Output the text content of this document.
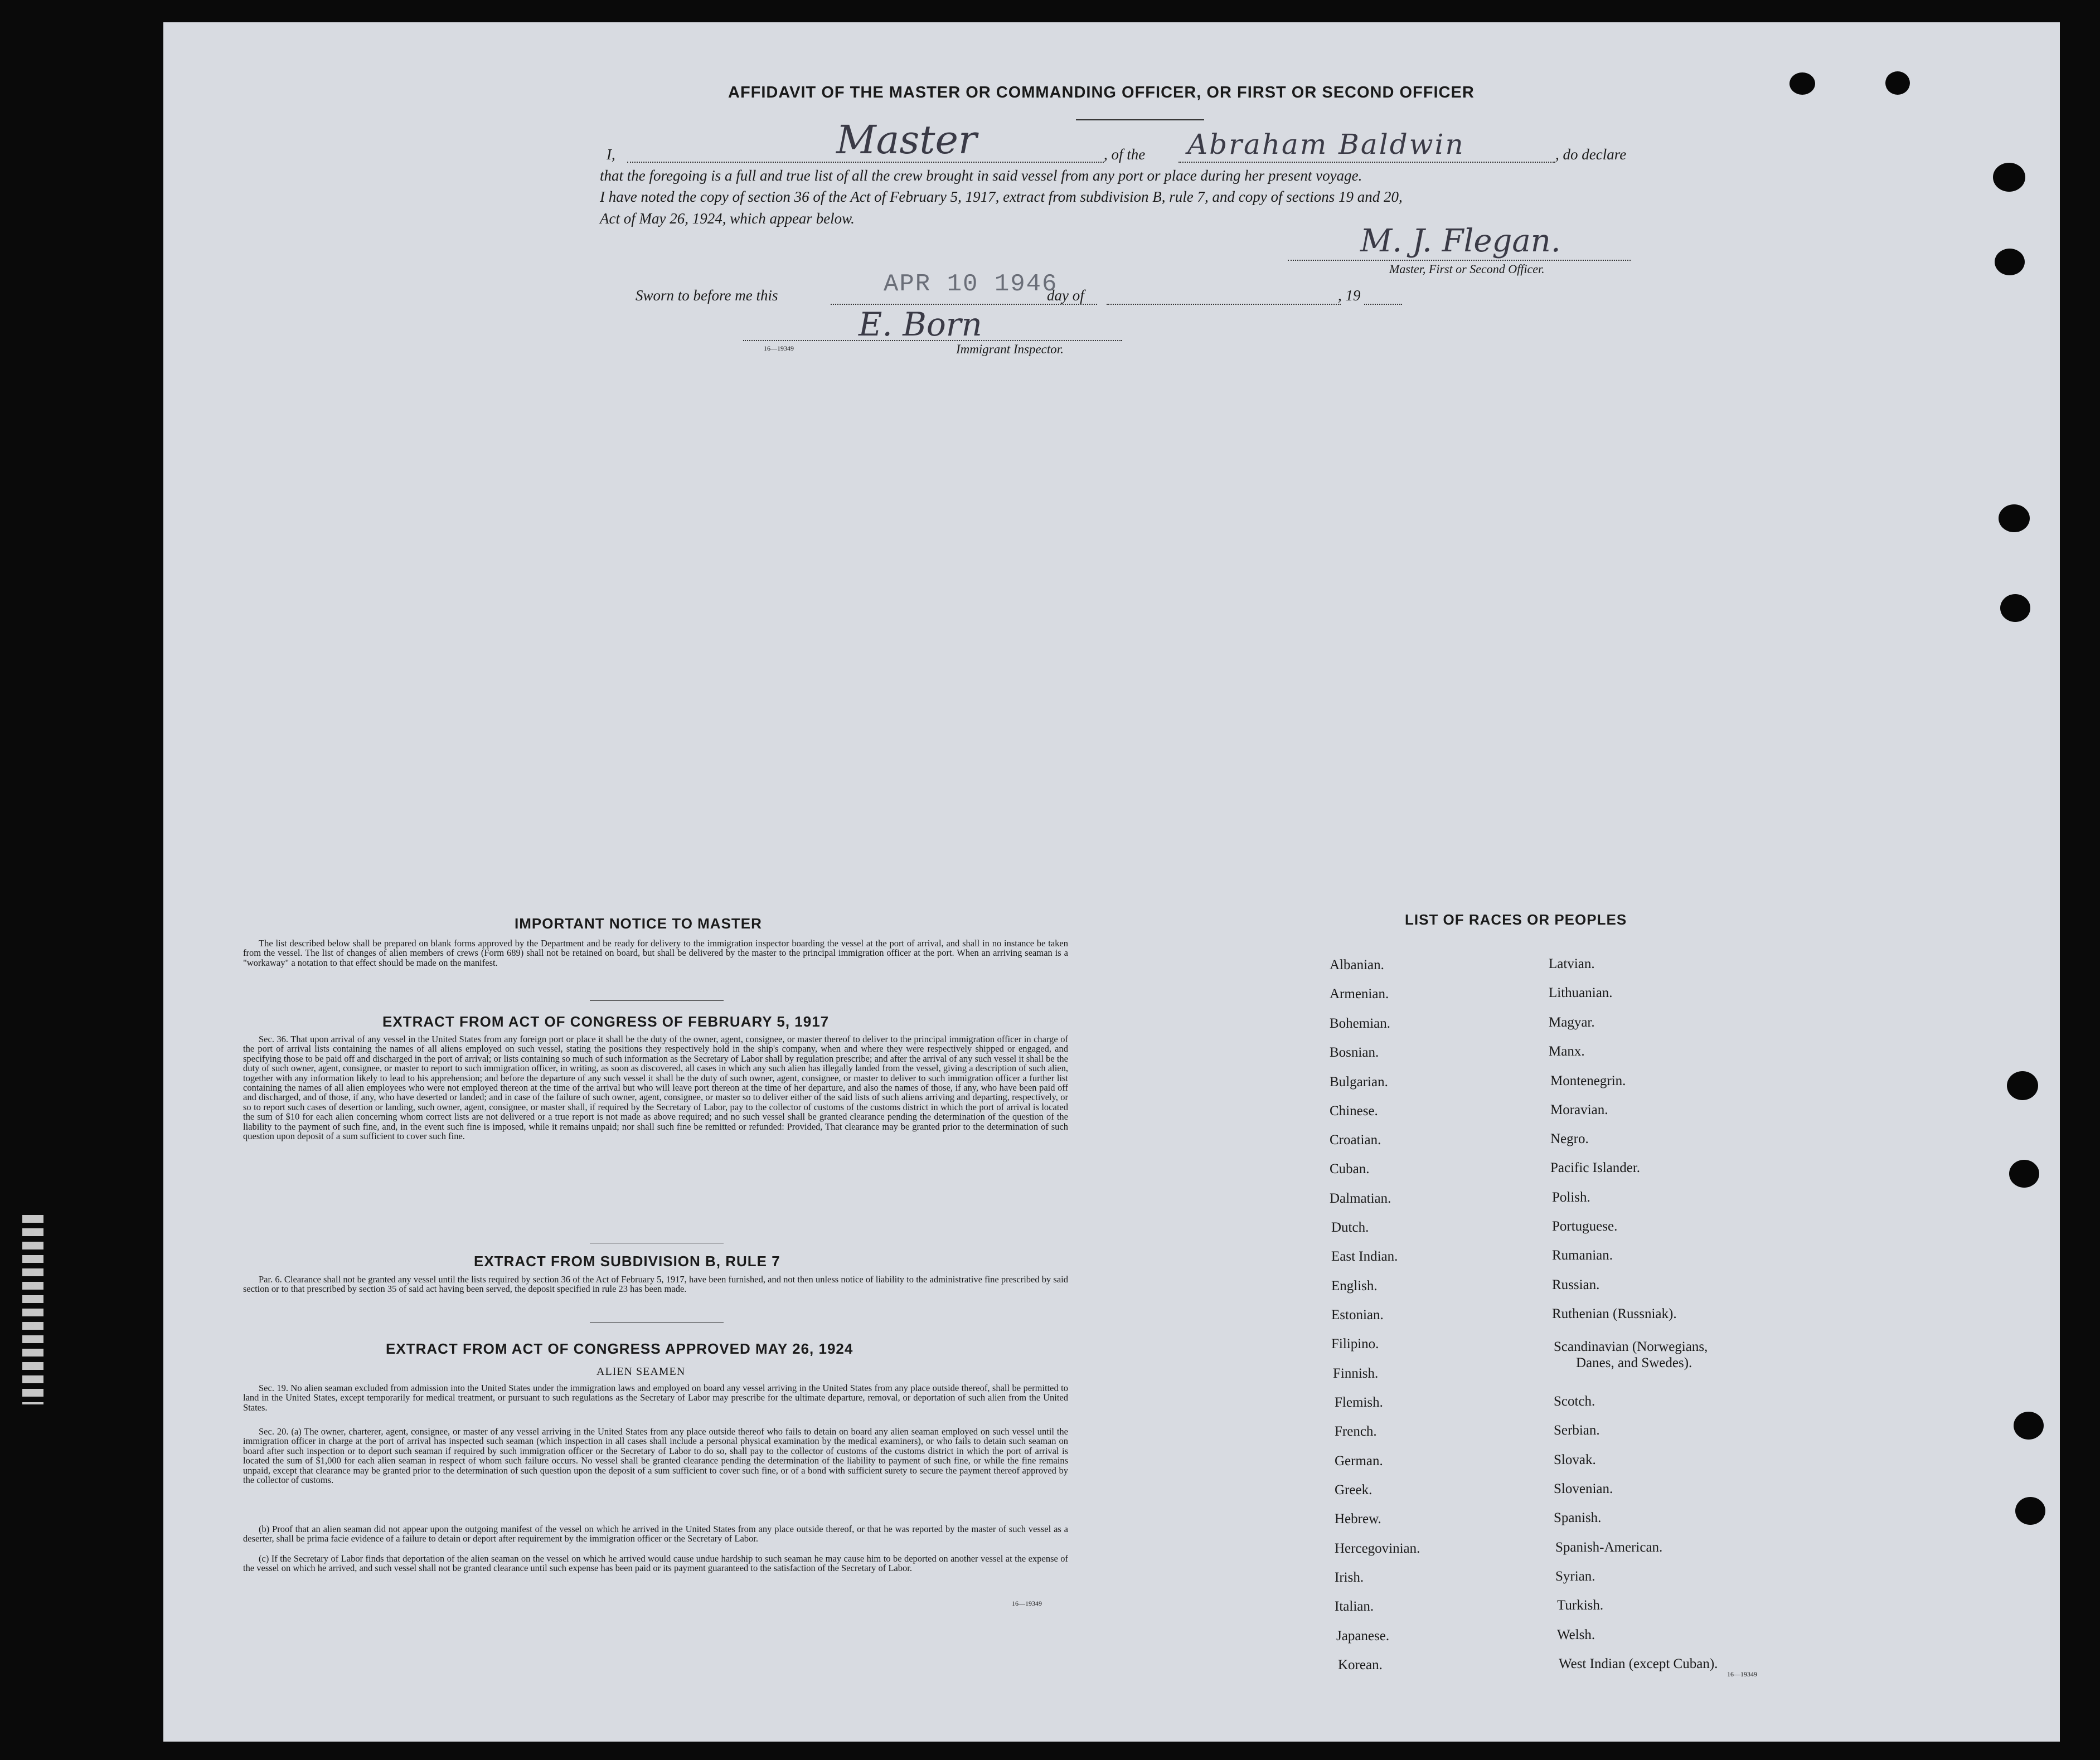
AFFIDAVIT OF THE MASTER OR COMMANDING OFFICER, OR FIRST OR SECOND OFFICER
I,	Master	, of the Abraham Baldwin	, do declare
that the foregoing is a full and true list of all the crew brought in said vessel from any port or place during her present voyage.
I have noted the copy of section 36 of the Act of February 5, 1917, extract from subdivision B, rule 7, and copy of sections 19 and 20,
Act of May 26, 1924, which appear below.
M. J. Flegan.
Master, First or Second Officer.
Sworn to before me this	APR 10 1946
day of	, 19
E. Born
16—19349	Immigrant Inspector.
IMPORTANT NOTICE TO MASTER

The list described below shall be prepared on blank forms approved by the Department and be ready for delivery to the immigration inspector boarding the vessel at the port of arrival, and shall in no instance be taken from the vessel. The list of changes of alien members of crews (Form 689) shall not be retained on board, but shall be delivered by the master to the principal immigration officer at the port. When an arriving seaman is a "workaway" a notation to that effect should be made on the manifest.

EXTRACT FROM ACT OF CONGRESS OF FEBRUARY 5, 1917

Sec. 36. That upon arrival of any vessel in the United States from any foreign port or place it shall be the duty of the owner, agent, consignee, or master thereof to deliver to the principal immigration officer in charge of the port of arrival lists containing the names of all aliens employed on such vessel, stating the positions they respectively hold in the ship's company, when and where they were respectively shipped or engaged, and specifying those to be paid off and discharged in the port of arrival; or lists containing so much of such information as the Secretary of Labor shall by regulation prescribe; and after the arrival of any such vessel it shall be the duty of such owner, agent, consignee, or master to report to such immigration officer, in writing, as soon as discovered, all cases in which any such alien has illegally landed from the vessel, giving a description of such alien, together with any information likely to lead to his apprehension; and before the departure of any such vessel it shall be the duty of such owner, agent, consignee, or master to deliver to such immigration officer a further list containing the names of all alien employees who were not employed thereon at the time of the arrival but who will leave port thereon at the time of her departure, and also the names of those, if any, who have been paid off and discharged, and of those, if any, who have deserted or landed; and in case of the failure of such owner, agent, consignee, or master so to deliver either of the said lists of such aliens arriving and departing, respectively, or so to report such cases of desertion or landing, such owner, agent, consignee, or master shall, if required by the Secretary of Labor, pay to the collector of customs of the customs district in which the port of arrival is located the sum of $10 for each alien concerning whom correct lists are not delivered or a true report is not made as above required; and no such vessel shall be granted clearance pending the determination of the question of the liability to the payment of such fine, and, in the event such fine is imposed, while it remains unpaid; nor shall such fine be remitted or refunded: Provided, That clearance may be granted prior to the determination of such question upon deposit of a sum sufficient to cover such fine.

EXTRACT FROM SUBDIVISION B, RULE 7

Par. 6. Clearance shall not be granted any vessel until the lists required by section 36 of the Act of February 5, 1917, have been furnished, and not then unless notice of liability to the administrative fine prescribed by said section or to that prescribed by section 35 of said act having been served, the deposit specified in rule 23 has been made.

EXTRACT FROM ACT OF CONGRESS APPROVED MAY 26, 1924
ALIEN SEAMEN

Sec. 19. No alien seaman excluded from admission into the United States under the immigration laws and employed on board any vessel arriving in the United States from any place outside thereof, shall be permitted to land in the United States, except temporarily for medical treatment, or pursuant to such regulations as the Secretary of Labor may prescribe for the ultimate departure, removal, or deportation of such alien from the United States.

Sec. 20. (a) The owner, charterer, agent, consignee, or master of any vessel arriving in the United States from any place outside thereof who fails to detain on board any alien seaman employed on such vessel until the immigration officer in charge at the port of arrival has inspected such seaman (which inspection in all cases shall include a personal physical examination by the medical examiners), or who fails to detain such seaman on board after such inspection or to deport such seaman if required by such immigration officer or the Secretary of Labor to do so, shall pay to the collector of customs of the customs district in which the port of arrival is located the sum of $1,000 for each alien seaman in respect of whom such failure occurs. No vessel shall be granted clearance pending the determination of the liability to payment of such fine, or while the fine remains unpaid, except that clearance may be granted prior to the determination of such question upon the deposit of a sum sufficient to cover such fine, or of a bond with sufficient surety to secure the payment thereof approved by the collector of customs.

(b) Proof that an alien seaman did not appear upon the outgoing manifest of the vessel on which he arrived in the United States from any place outside thereof, or that he was reported by the master of such vessel as a deserter, shall be prima facie evidence of a failure to detain or deport after requirement by the immigration officer or the Secretary of Labor.

(c) If the Secretary of Labor finds that deportation of the alien seaman on the vessel on which he arrived would cause undue hardship to such seaman he may cause him to be deported on another vessel at the expense of the vessel on which he arrived, and such vessel shall not be granted clearance until such expense has been paid or its payment guaranteed to the satisfaction of the Secretary of Labor.

16—19349
LIST OF RACES OR PEOPLES
Albanian.
Armenian.
Bohemian.
Bosnian.
Bulgarian.
Chinese.
Croatian.
Cuban.
Dalmatian.
Dutch.
East Indian.
English.
Estonian.
Filipino.
Finnish.
Flemish.
French.
German.
Greek.
Hebrew.
Hercegovinian.
Irish.
Italian.
Japanese.
Korean.
Latvian.
Lithuanian.
Magyar.
Manx.
Montenegrin.
Moravian.
Negro.
Pacific Islander.
Polish.
Portuguese.
Rumanian.
Russian.
Ruthenian (Russniak).
Scandinavian (Norwegians,
Danes, and Swedes).
Scotch.
Serbian.
Slovak.
Slovenian.
Spanish.
Spanish-American.
Syrian.
Turkish.
Welsh.
West Indian (except Cuban).
16—19349
